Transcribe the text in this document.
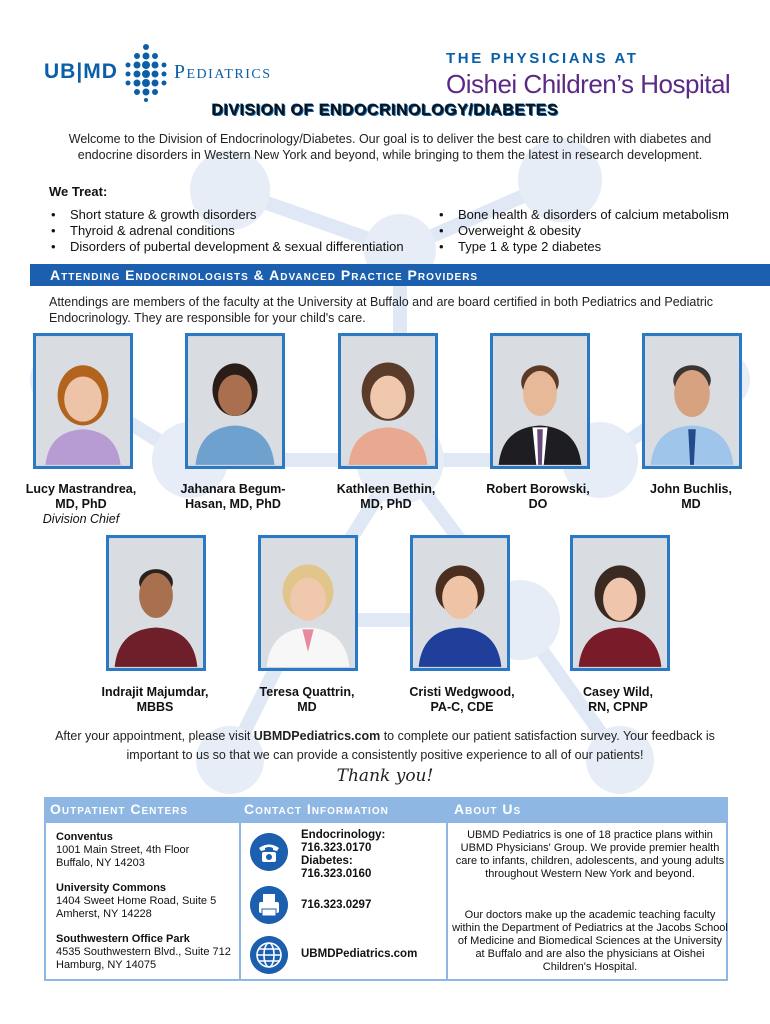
UB|MD	Pediatrics
THE PHYSICIANS AT
Oishei Children’s Hospital
DIVISION OF ENDOCRINOLOGY/DIABETES

Welcome to the Division of Endocrinology/Diabetes. Our goal is to deliver the best care to children with diabetes and endocrine disorders in Western New York and beyond, while bringing to them the latest in research development.

We Treat:
• Short stature & growth disorders
• Thyroid & adrenal conditions
• Disorders of pubertal development & sexual differentiation
• Bone health & disorders of calcium metabolism
• Overweight & obesity
• Type 1 & type 2 diabetes
Attending Endocrinologists & Advanced Practice Providers

Attendings are members of the faculty at the University at Buffalo and are board certified in both Pediatrics and Pediatric Endocrinology. They are responsible for your child's care.

Lucy Mastrandrea,
MD, PhD
Division Chief
Jahanara Begum-
Hasan, MD, PhD
Kathleen Bethin,
MD, PhD
Robert Borowski,
DO
John Buchlis,
MD
Indrajit Majumdar,
MBBS
Teresa Quattrin,
MD
Cristi Wedgwood,
PA-C, CDE
Casey Wild,
RN, CPNP

After your appointment, please visit UBMDPediatrics.com to complete our patient satisfaction survey. Your feedback is important to us so that we can provide a consistently positive experience to all of our patients!

Thank you!
Outpatient Centers	Contact Information	About Us
Conventus
1001 Main Street, 4th Floor
Buffalo, NY 14203
University Commons
1404 Sweet Home Road, Suite 5
Amherst, NY 14228
Southwestern Office Park
4535 Southwestern Blvd., Suite 712
Hamburg, NY 14075
Endocrinology:
716.323.0170
Diabetes:
716.323.0160
716.323.0297
UBMDPediatrics.com

UBMD Pediatrics is one of 18 practice plans within UBMD Physicians' Group. We provide premier health care to infants, children, adolescents, and young adults throughout Western New York and beyond.

Our doctors make up the academic teaching faculty within the Department of Pediatrics at the Jacobs School of Medicine and Biomedical Sciences at the University at Buffalo and are also the physicians at Oishei Children's Hospital.
